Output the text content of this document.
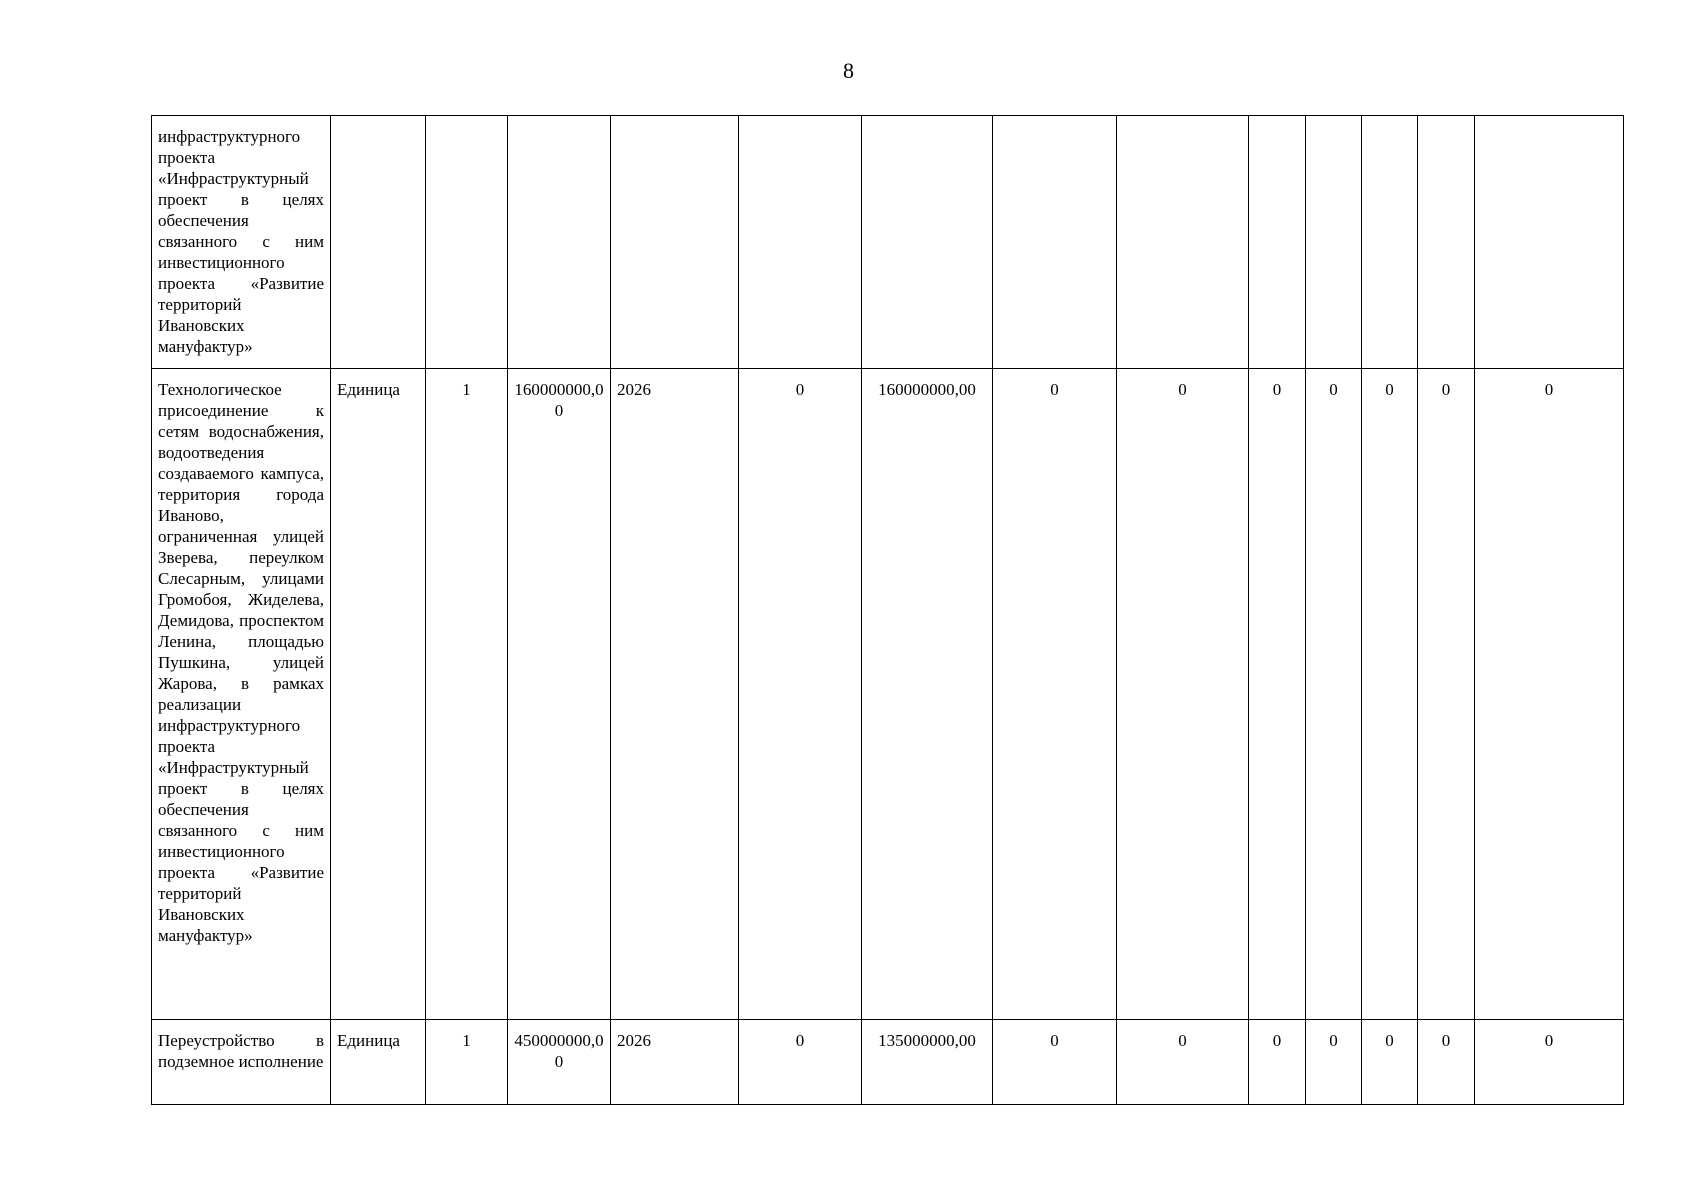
8
инфраструктурного проекта «Инфраструктурный проект в целях обеспечения связанного с ним инвестиционного проекта «Развитие территорий Ивановских мануфактур»													
Технологическое присоединение к сетям водоснабжения, водоотведения создаваемого кампуса, территория города Иваново, ограниченная улицей Зверева, переулком Слесарным, улицами Громобоя, Жиделева, Демидова, проспектом Ленина, площадью Пушкина, улицей Жарова, в рамках реализации инфраструктурного проекта «Инфраструктурный проект в целях обеспечения связанного с ним инвестиционного проекта «Развитие территорий Ивановских мануфактур»	Единица	1	160000000,00	2026	0	160000000,00	0	0	0	0	0	0	0
Переустройство в подземное исполнение	Единица	1	450000000,00	2026	0	135000000,00	0	0	0	0	0	0	0
